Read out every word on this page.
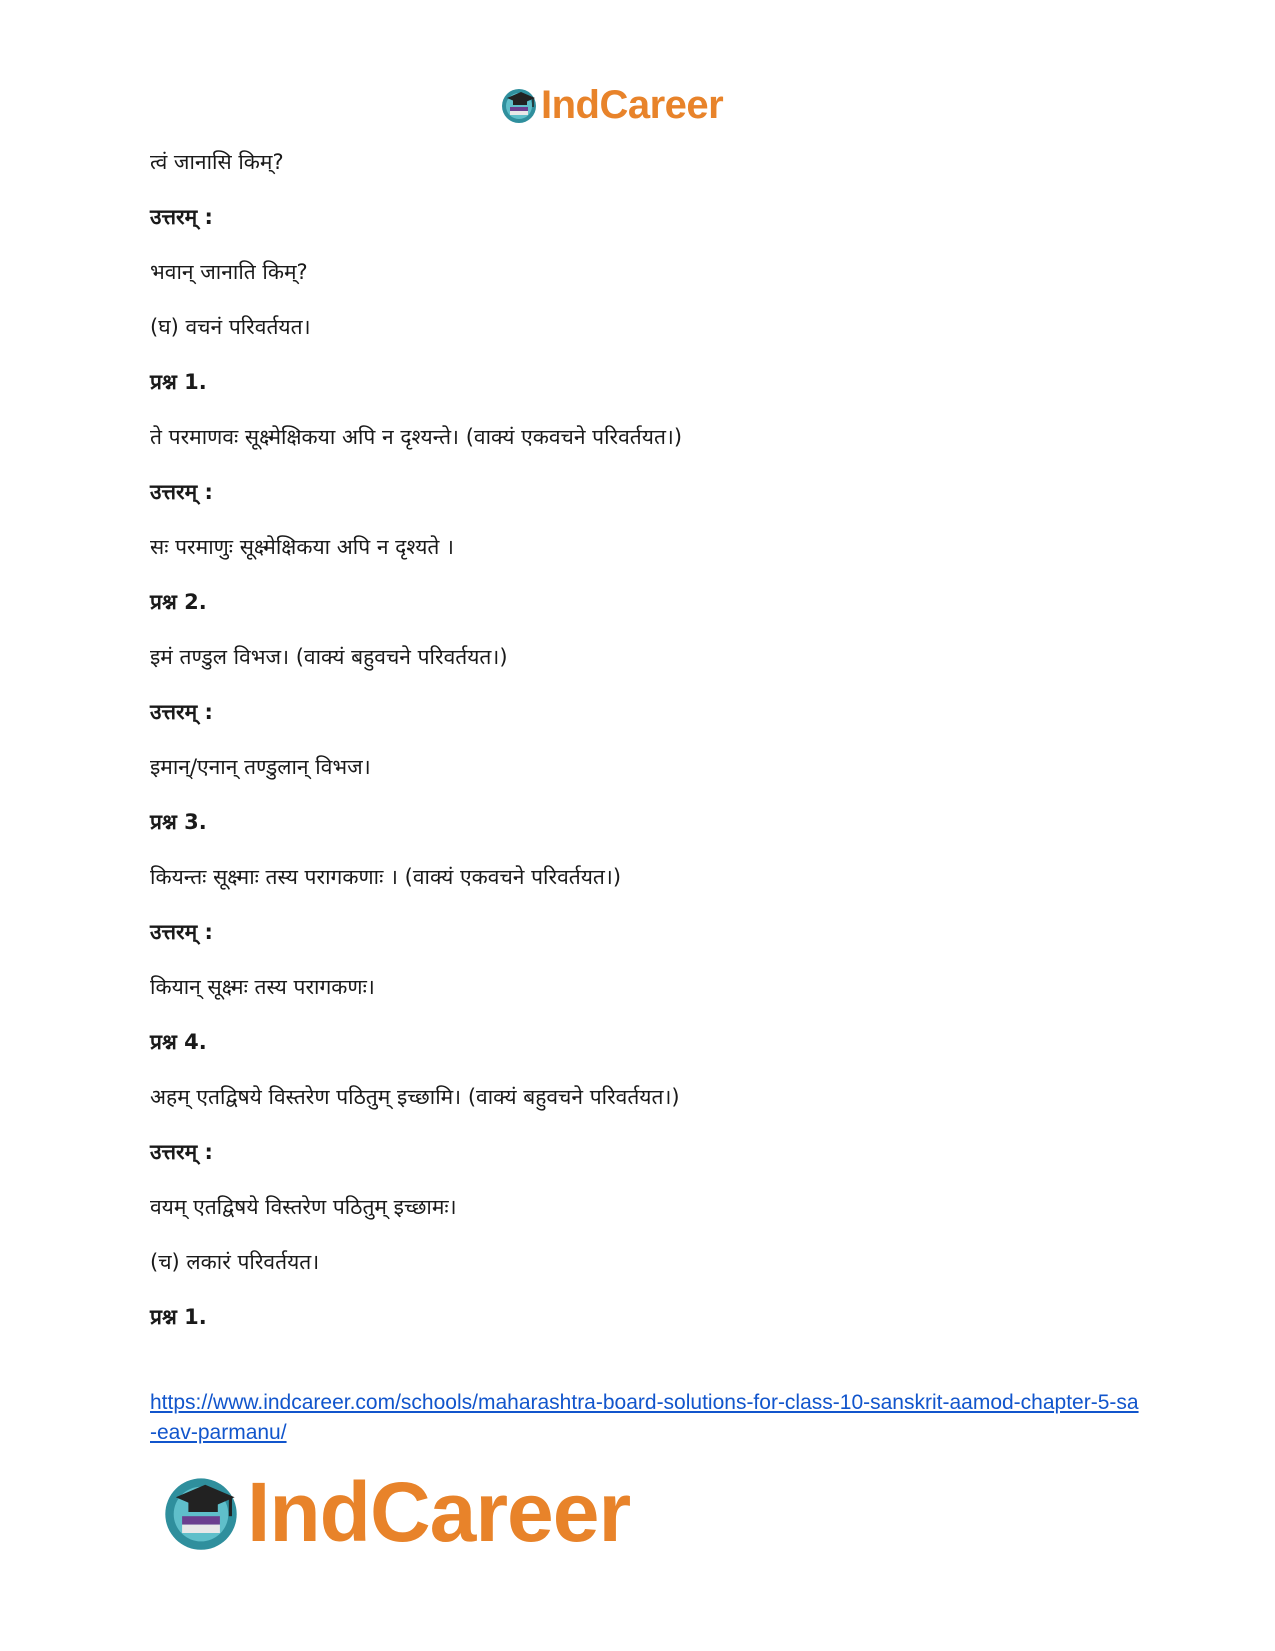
IndCareer
त्वं जानासि किम्?
उत्तरम् :
भवान् जानाति किम्?
(घ) वचनं परिवर्तयत।
प्रश्न 1.
ते परमाणवः सूक्ष्मेक्षिकया अपि न दृश्यन्ते। (वाक्यं एकवचने परिवर्तयत।)
उत्तरम् :
सः परमाणुः सूक्ष्मेक्षिकया अपि न दृश्यते ।
प्रश्न 2.
इमं तण्डुल विभज। (वाक्यं बहुवचने परिवर्तयत।)
उत्तरम् :
इमान्/एनान् तण्डुलान् विभज।
प्रश्न 3.
कियन्तः सूक्ष्माः तस्य परागकणाः । (वाक्यं एकवचने परिवर्तयत।)
उत्तरम् :
कियान् सूक्ष्मः तस्य परागकणः।
प्रश्न 4.
अहम् एतद्विषये विस्तरेण पठितुम् इच्छामि। (वाक्यं बहुवचने परिवर्तयत।)
उत्तरम् :
वयम् एतद्विषये विस्तरेण पठितुम् इच्छामः।
(च) लकारं परिवर्तयत।
प्रश्न 1.
https://www.indcareer.com/schools/maharashtra-board-solutions-for-class-10-sanskrit-aamod-chapter-5-sa-eav-parmanu/
IndCareer
